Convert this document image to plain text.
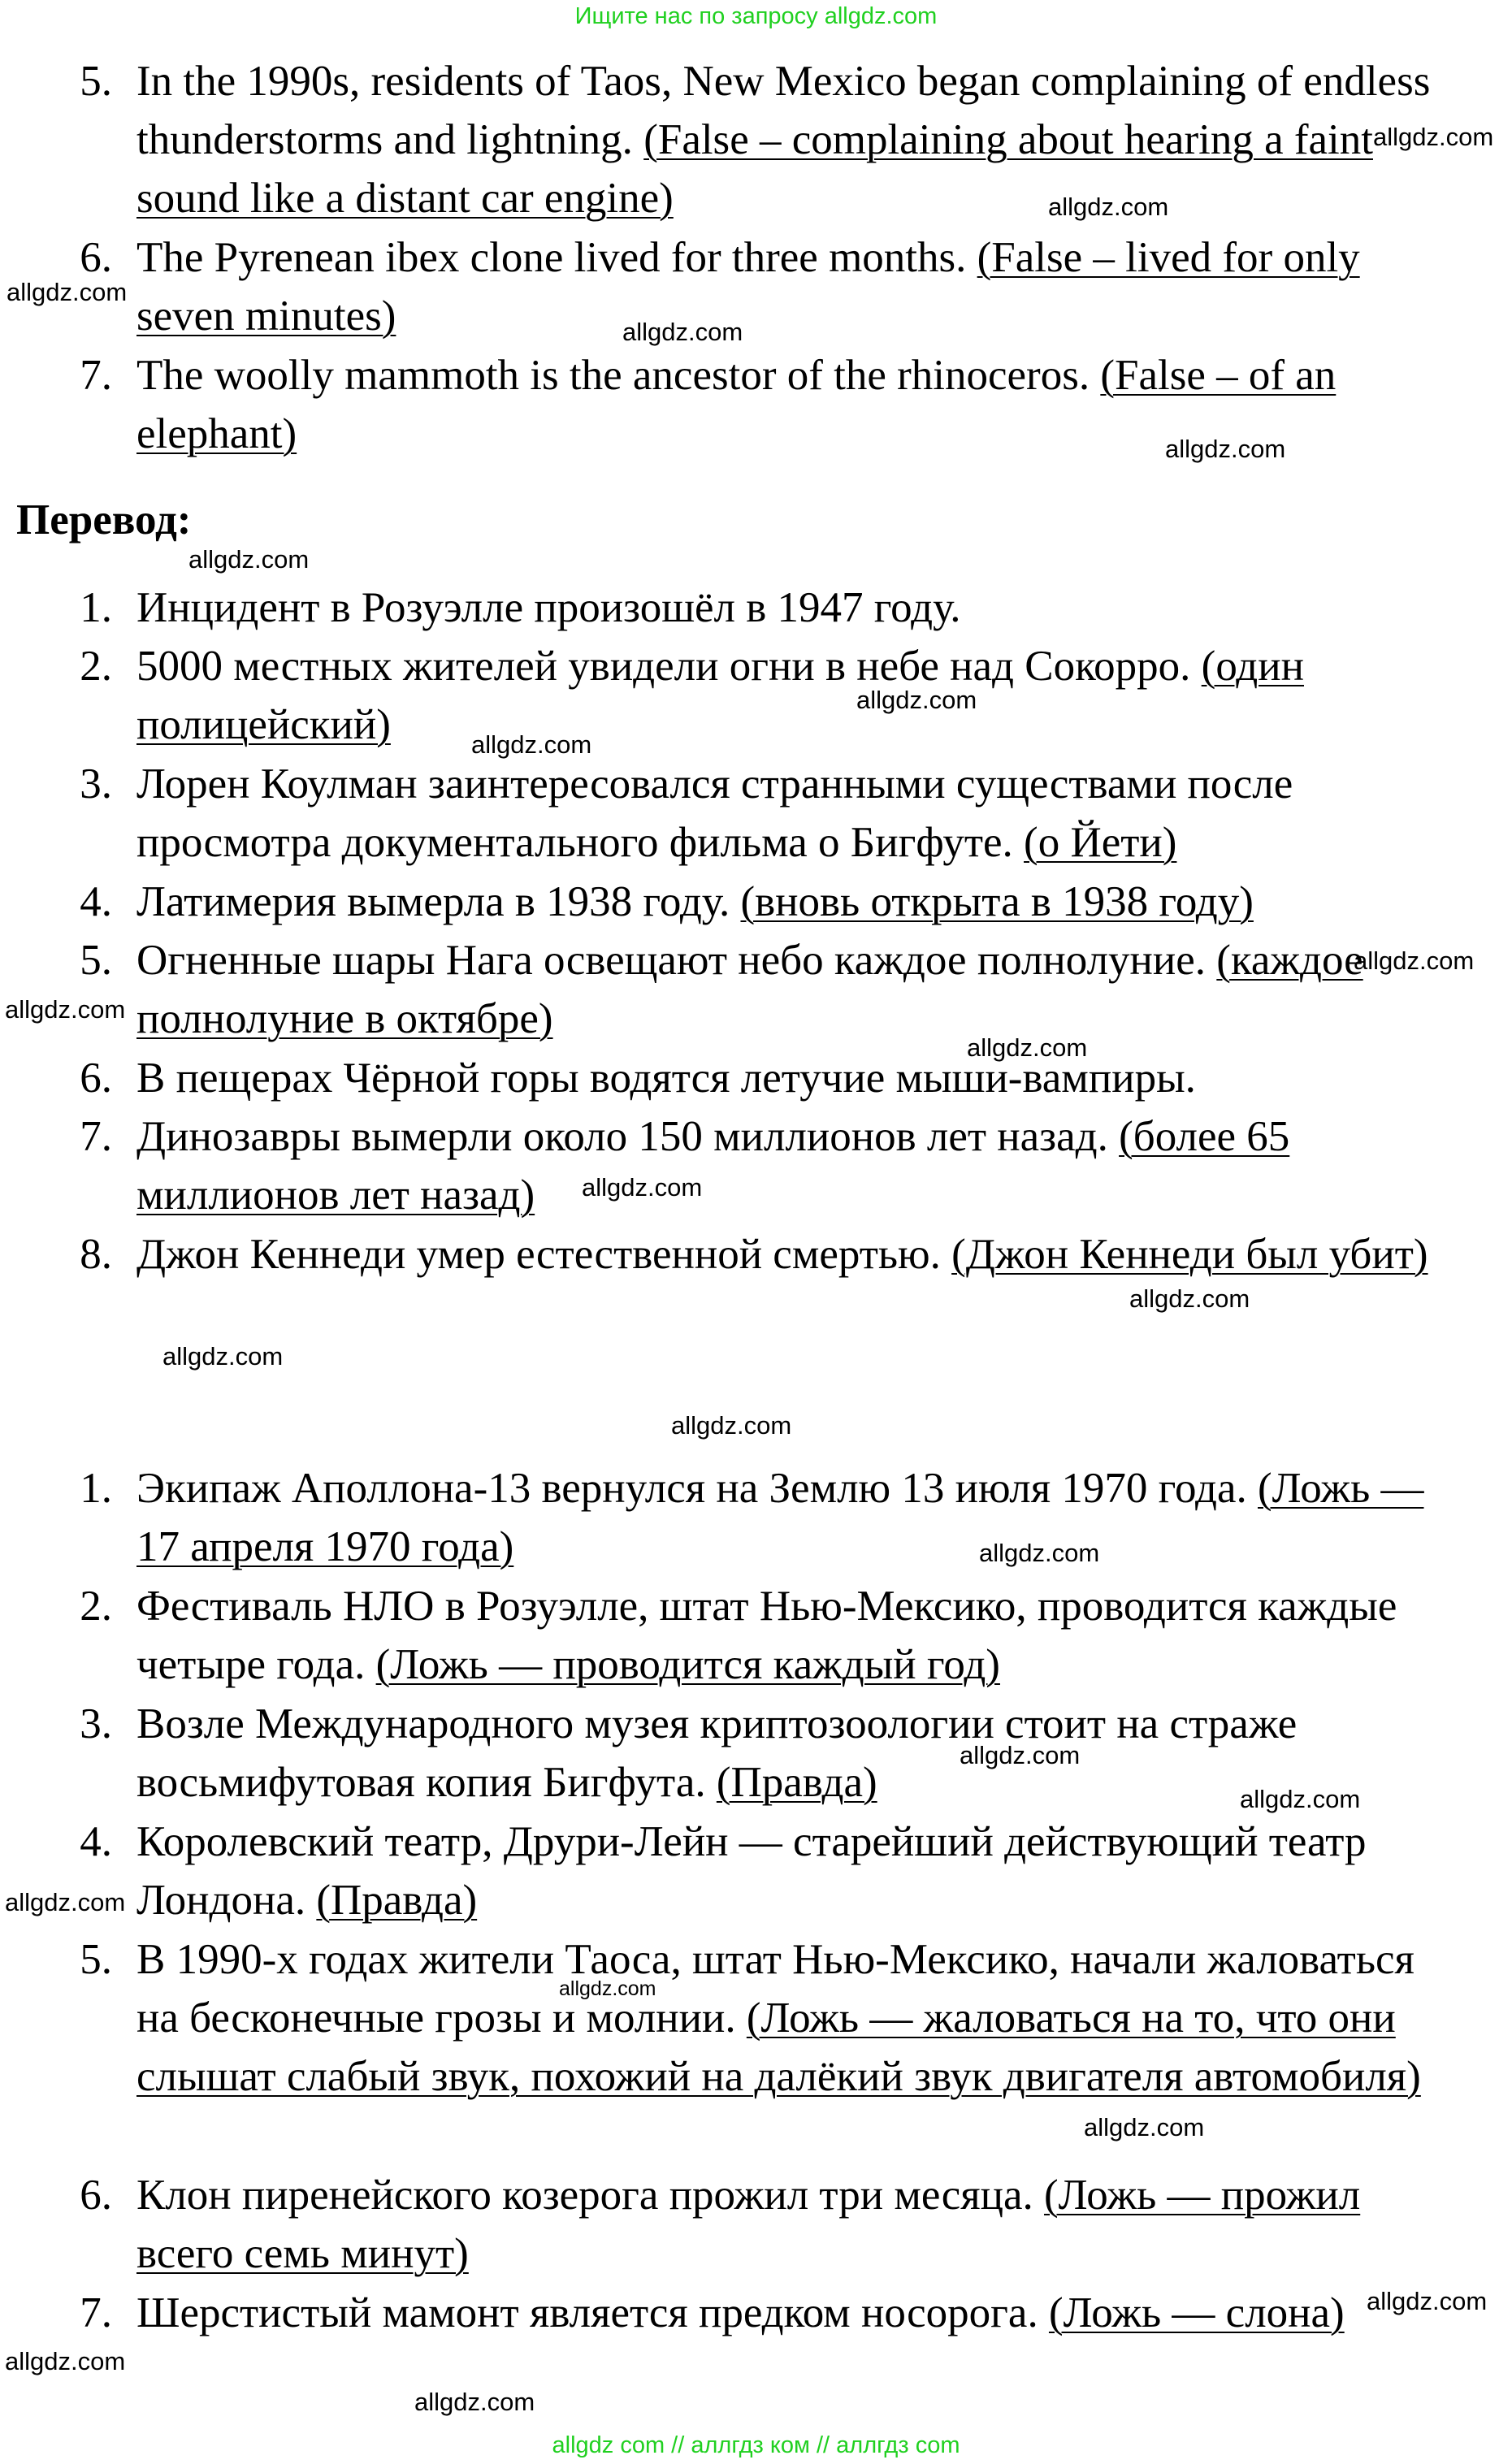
Ищите нас по запросу allgdz.com
5. In the 1990s, residents of Taos, New Mexico began complaining of endless thunderstorms and lightning. (False – complaining about hearing a faint sound like a distant car engine)
6. The Pyrenean ibex clone lived for three months. (False – lived for only seven minutes)
7. The woolly mammoth is the ancestor of the rhinoceros. (False – of an elephant)
Перевод:
1. Инцидент в Розуэлле произошёл в 1947 году.
2. 5000 местных жителей увидели огни в небе над Сокорро. (один полицейский)
3. Лорен Коулман заинтересовался странными существами после просмотра документального фильма о Бигфуте. (о Йети)
4. Латимерия вымерла в 1938 году. (вновь открыта в 1938 году)
5. Огненные шары Нага освещают небо каждое полнолуние. (каждое полнолуние в октябре)
6. В пещерах Чёрной горы водятся летучие мыши-вампиры.
7. Динозавры вымерли около 150 миллионов лет назад. (более 65 миллионов лет назад)
8. Джон Кеннеди умер естественной смертью. (Джон Кеннеди был убит)
1. Экипаж Аполлона-13 вернулся на Землю 13 июля 1970 года. (Ложь — 17 апреля 1970 года)
2. Фестиваль НЛО в Розуэлле, штат Нью-Мексико, проводится каждые четыре года. (Ложь — проводится каждый год)
3. Возле Международного музея криптозоологии стоит на страже восьмифутовая копия Бигфута. (Правда)
4. Королевский театр, Друри-Лейн — старейший действующий театр Лондона. (Правда)
5. В 1990-х годах жители Таоса, штат Нью-Мексико, начали жаловаться на бесконечные грозы и молнии. (Ложь — жаловаться на то, что они слышат слабый звук, похожий на далёкий звук двигателя автомобиля)
6. Клон пиренейского козерога прожил три месяца. (Ложь — прожил всего семь минут)
7. Шерстистый мамонт является предком носорога. (Ложь — слона)
allgdz.com
allgdz.com
allgdz.com
allgdz.com
allgdz.com
allgdz.com
allgdz.com
allgdz.com
allgdz.com
allgdz.com
allgdz.com
allgdz.com
allgdz.com
allgdz.com
allgdz.com
allgdz.com
allgdz.com
allgdz.com
allgdz.com
allgdz.com
allgdz.com
allgdz.com
allgdz.com
allgdz.com
allgdz com // аллгдз ком // аллгдз com
